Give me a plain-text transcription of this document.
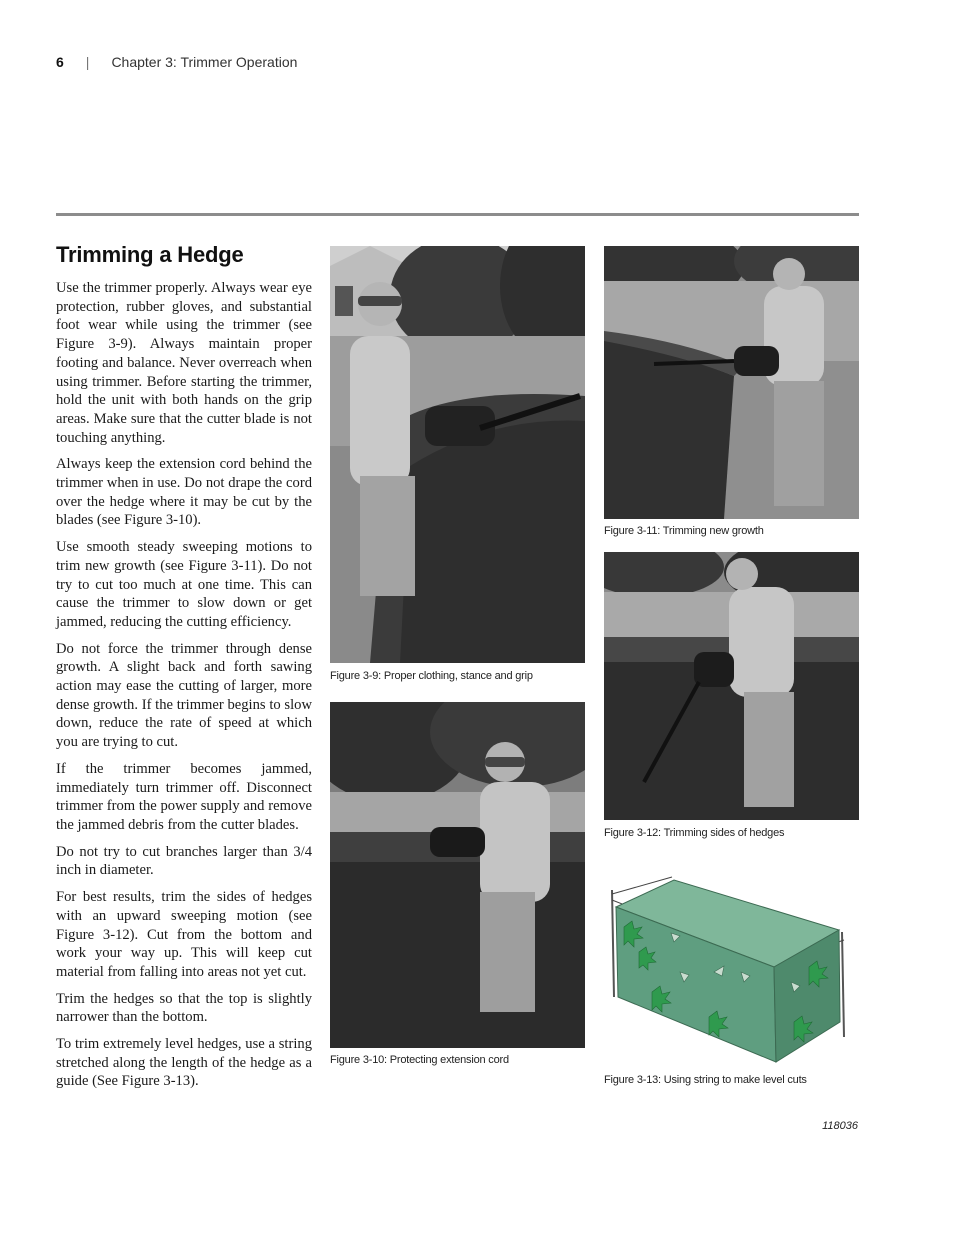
6 | Chapter 3: Trimmer Operation
Trimming a Hedge

Use the trimmer properly. Always wear eye protection, rubber gloves, and substantial foot wear while using the trimmer (see Figure 3-9). Always maintain proper footing and balance. Never overreach when using trimmer. Before starting the trimmer, hold the unit with both hands on the grip areas. Make sure that the cutter blade is not touching anything.

Always keep the extension cord behind the trimmer when in use. Do not drape the cord over the hedge where it may be cut by the blades (see Figure 3-10).

Use smooth steady sweeping motions to trim new growth (see Figure 3-11). Do not try to cut too much at one time. This can cause the trimmer to slow down or get jammed, reducing the cutting efficiency.

Do not force the trimmer through dense growth. A slight back and forth sawing action may ease the cutting of larger, more dense growth. If the trimmer begins to slow down, reduce the rate of speed at which you are trying to cut.

If the trimmer becomes jammed, immediately turn trimmer off. Disconnect trimmer from the power supply and remove the jammed debris from the cutter blades.

Do not try to cut branches larger than 3/4 inch in diameter.

For best results, trim the sides of hedges with an upward sweeping motion (see Figure 3-12). Cut from the bottom and work your way up. This will keep cut material from falling into areas not yet cut.

Trim the hedges so that the top is slightly narrower than the bottom.

To trim extremely level hedges, use a string stretched along the length of the hedge as a guide (See Figure 3-13).

Figure 3-9: Proper clothing, stance and grip
Figure 3-10: Protecting extension cord
Figure 3-11: Trimming new growth
Figure 3-12: Trimming sides of hedges
Figure 3-13: Using string to make level cuts
118036
